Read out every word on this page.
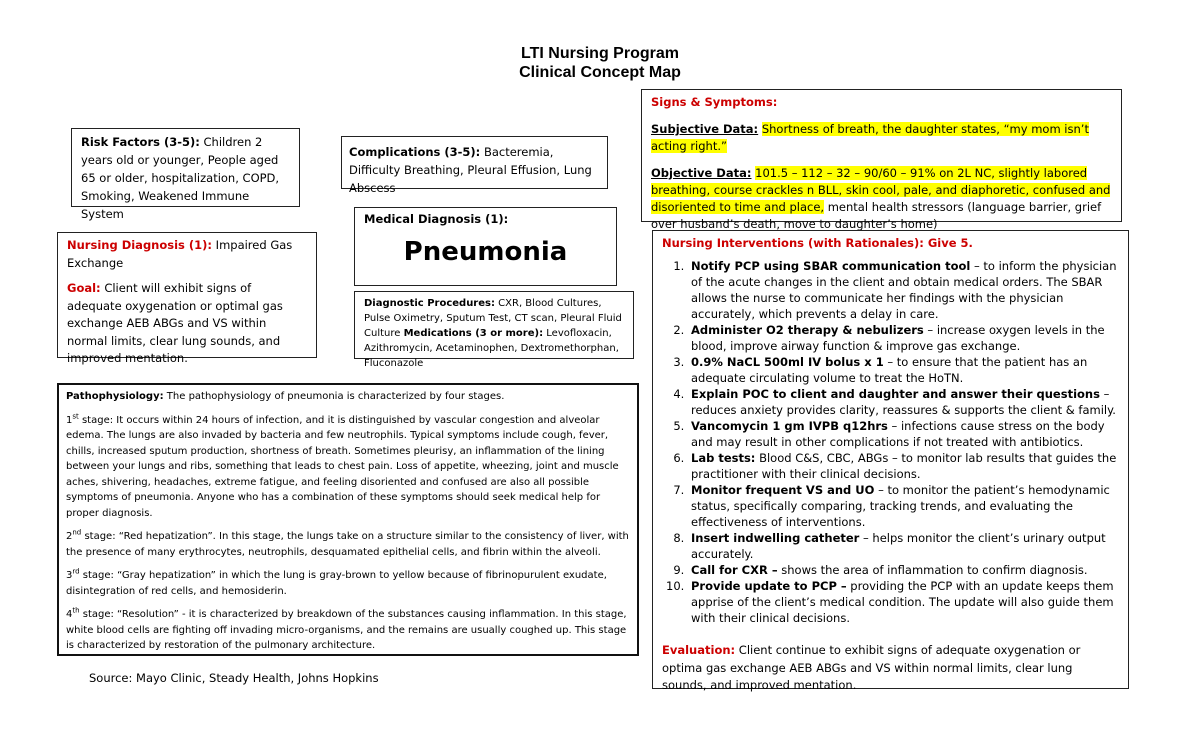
LTI Nursing Program
Clinical Concept Map
Risk Factors (3-5): Children 2 years old or younger, People aged 65 or older, hospitalization, COPD, Smoking, Weakened Immune System
Complications (3-5): Bacteremia, Difficulty Breathing, Pleural Effusion, Lung Abscess

Signs & Symptoms:

Subjective Data: Shortness of breath, the daughter states, “my mom isn’t acting right.”

Objective Data: 101.5 – 112 – 32 – 90/60 – 91% on 2L NC, slightly labored breathing, course crackles n BLL, skin cool, pale, and diaphoretic, confused and disoriented to time and place, mental health stressors (language barrier, grief over husband’s death, move to daughter’s home)

Medical Diagnosis (1):
Pneumonia

Nursing Diagnosis (1): Impaired Gas Exchange

Goal: Client will exhibit signs of adequate oxygenation or optimal gas exchange AEB ABGs and VS within normal limits, clear lung sounds, and improved mentation.

Diagnostic Procedures: CXR, Blood Cultures, Pulse Oximetry, Sputum Test, CT scan, Pleural Fluid Culture Medications (3 or more): Levofloxacin, Azithromycin, Acetaminophen, Dextromethorphan, Fluconazole
Nursing Interventions (with Rationales): Give 5.
1. Notify PCP using SBAR communication tool – to inform the physician of the acute changes in the client and obtain medical orders. The SBAR allows the nurse to communicate her findings with the physician accurately, which prevents a delay in care.
2. Administer O2 therapy & nebulizers – increase oxygen levels in the blood, improve airway function & improve gas exchange.
3. 0.9% NaCL 500ml IV bolus x 1 – to ensure that the patient has an adequate circulating volume to treat the HoTN.
4. Explain POC to client and daughter and answer their questions – reduces anxiety provides clarity, reassures & supports the client & family.
5. Vancomycin 1 gm IVPB q12hrs – infections cause stress on the body and may result in other complications if not treated with antibiotics.
6. Lab tests: Blood C&S, CBC, ABGs – to monitor lab results that guides the practitioner with their clinical decisions.
7. Monitor frequent VS and UO – to monitor the patient’s hemodynamic status, specifically comparing, tracking trends, and evaluating the effectiveness of interventions.
8. Insert indwelling catheter – helps monitor the client’s urinary output accurately.
9. Call for CXR – shows the area of inflammation to confirm diagnosis.
10. Provide update to PCP – providing the PCP with an update keeps them apprise of the client’s medical condition. The update will also guide them with their clinical decisions.
Evaluation: Client continue to exhibit signs of adequate oxygenation or optima gas exchange AEB ABGs and VS within normal limits, clear lung sounds, and improved mentation.

Pathophysiology: The pathophysiology of pneumonia is characterized by four stages.

1st stage: It occurs within 24 hours of infection, and it is distinguished by vascular congestion and alveolar edema. The lungs are also invaded by bacteria and few neutrophils. Typical symptoms include cough, fever, chills, increased sputum production, shortness of breath. Sometimes pleurisy, an inflammation of the lining between your lungs and ribs, something that leads to chest pain. Loss of appetite, wheezing, joint and muscle aches, shivering, headaches, extreme fatigue, and feeling disoriented and confused are also all possible symptoms of pneumonia. Anyone who has a combination of these symptoms should seek medical help for proper diagnosis.

2nd stage: “Red hepatization”. In this stage, the lungs take on a structure similar to the consistency of liver, with the presence of many erythrocytes, neutrophils, desquamated epithelial cells, and fibrin within the alveoli.

3rd stage: “Gray hepatization” in which the lung is gray-brown to yellow because of fibrinopurulent exudate, disintegration of red cells, and hemosiderin.

4th stage: “Resolution” - it is characterized by breakdown of the substances causing inflammation. In this stage, white blood cells are fighting off invading micro-organisms, and the remains are usually coughed up. This stage is characterized by restoration of the pulmonary architecture.

Source: Mayo Clinic, Steady Health, Johns Hopkins
